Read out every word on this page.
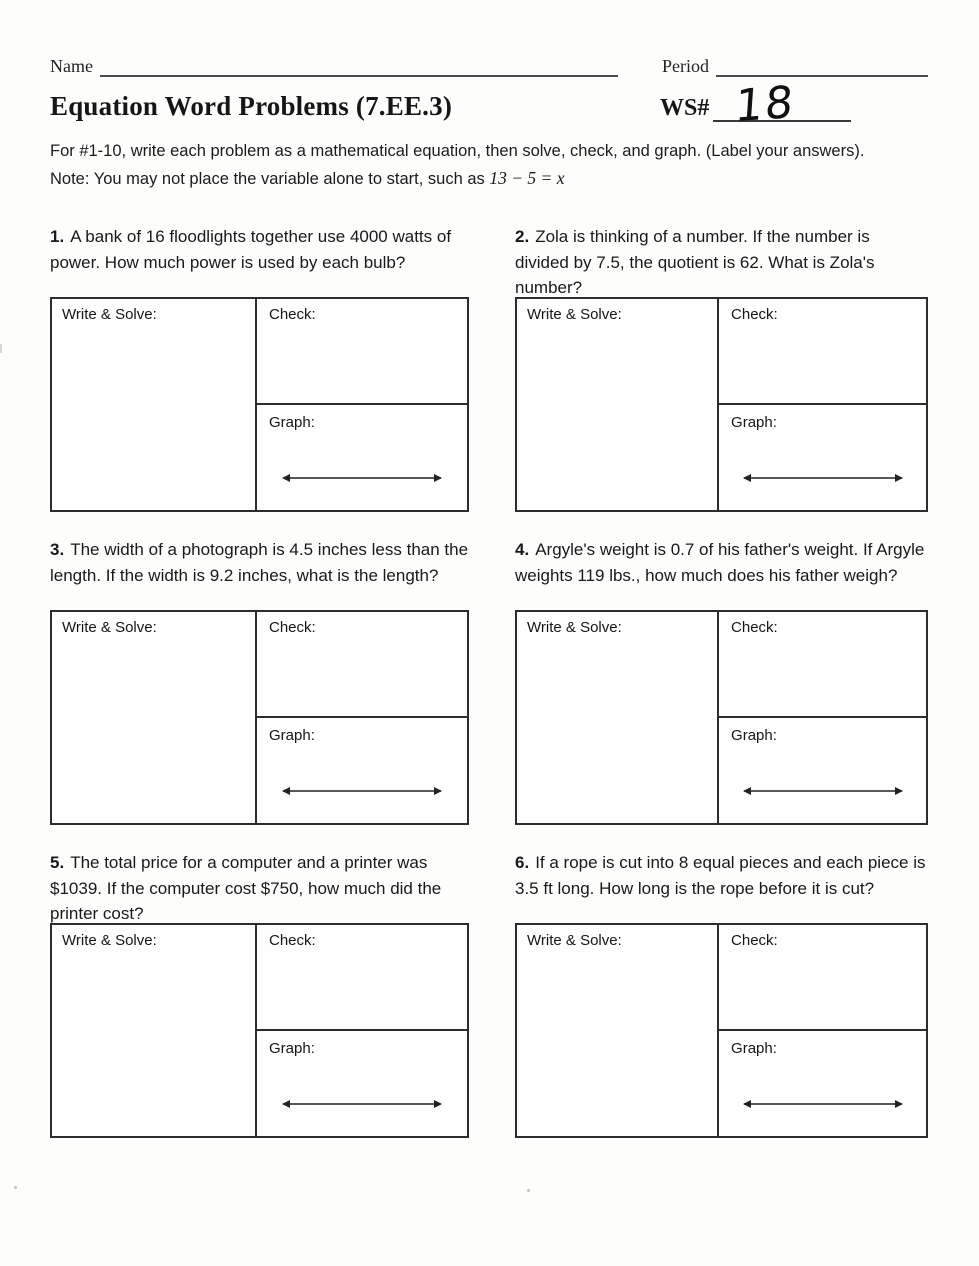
Name	Period
Equation Word Problems (7.EE.3)	WS# 18

For #1-10, write each problem as a mathematical equation, then solve, check, and graph. (Label your answers).
Note: You may not place the variable alone to start, such as 13 − 5 = x

1. A bank of 16 floodlights together use 4000 watts of power. How much power is used by each bulb?

Write & Solve:	Check:
Graph:

2. Zola is thinking of a number. If the number is divided by 7.5, the quotient is 62. What is Zola's number?

Write & Solve:	Check:
Graph:

3. The width of a photograph is 4.5 inches less than the length. If the width is 9.2 inches, what is the length?

Write & Solve:	Check:
Graph:

4. Argyle's weight is 0.7 of his father's weight. If Argyle weights 119 lbs., how much does his father weigh?

Write & Solve:	Check:
Graph:

5. The total price for a computer and a printer was $1039. If the computer cost $750, how much did the printer cost?

Write & Solve:	Check:
Graph:

6. If a rope is cut into 8 equal pieces and each piece is 3.5 ft long. How long is the rope before it is cut?

Write & Solve:	Check:
Graph:
